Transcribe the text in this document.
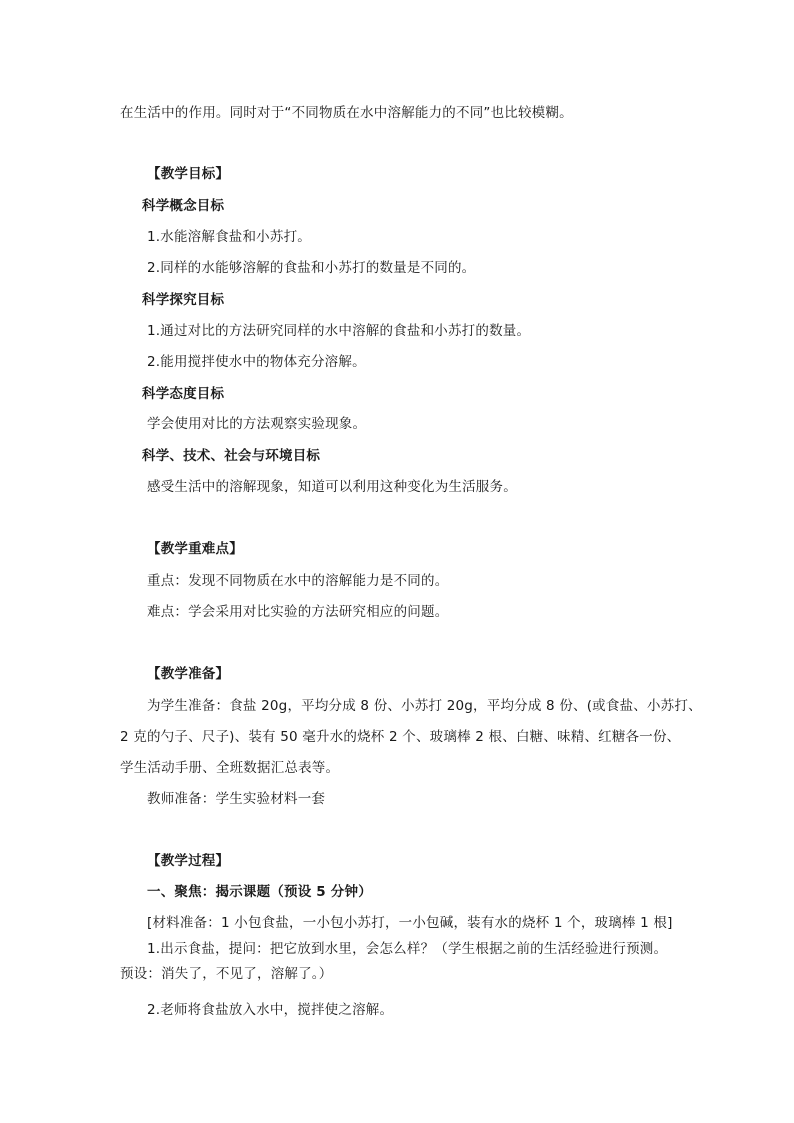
在生活中的作用。同时对于“不同物质在水中溶解能力的不同”也比较模糊。
【教学目标】
科学概念目标
1.水能溶解食盐和小苏打。
2.同样的水能够溶解的食盐和小苏打的数量是不同的。
科学探究目标
1.通过对比的方法研究同样的水中溶解的食盐和小苏打的数量。
2.能用搅拌使水中的物体充分溶解。
科学态度目标
学会使用对比的方法观察实验现象。
科学、技术、社会与环境目标
感受生活中的溶解现象，知道可以利用这种变化为生活服务。
【教学重难点】
重点：发现不同物质在水中的溶解能力是不同的。
难点：学会采用对比实验的方法研究相应的问题。
【教学准备】
为学生准备：食盐 20g，平均分成 8 份、小苏打 20g，平均分成 8 份、(或食盐、小苏打、
2 克的勺子、尺子)、装有 50 毫升水的烧杯 2 个、玻璃棒 2 根、白糖、味精、红糖各一份、
学生活动手册、全班数据汇总表等。
教师准备：学生实验材料一套
【教学过程】
一、聚焦：揭示课题（预设 5 分钟）
[材料准备：1 小包食盐，一小包小苏打，一小包碱，装有水的烧杯 1 个，玻璃棒 1 根]
1.出示食盐，提问：把它放到水里，会怎么样？（学生根据之前的生活经验进行预测。
预设：消失了，不见了，溶解了。）
2.老师将食盐放入水中，搅拌使之溶解。
